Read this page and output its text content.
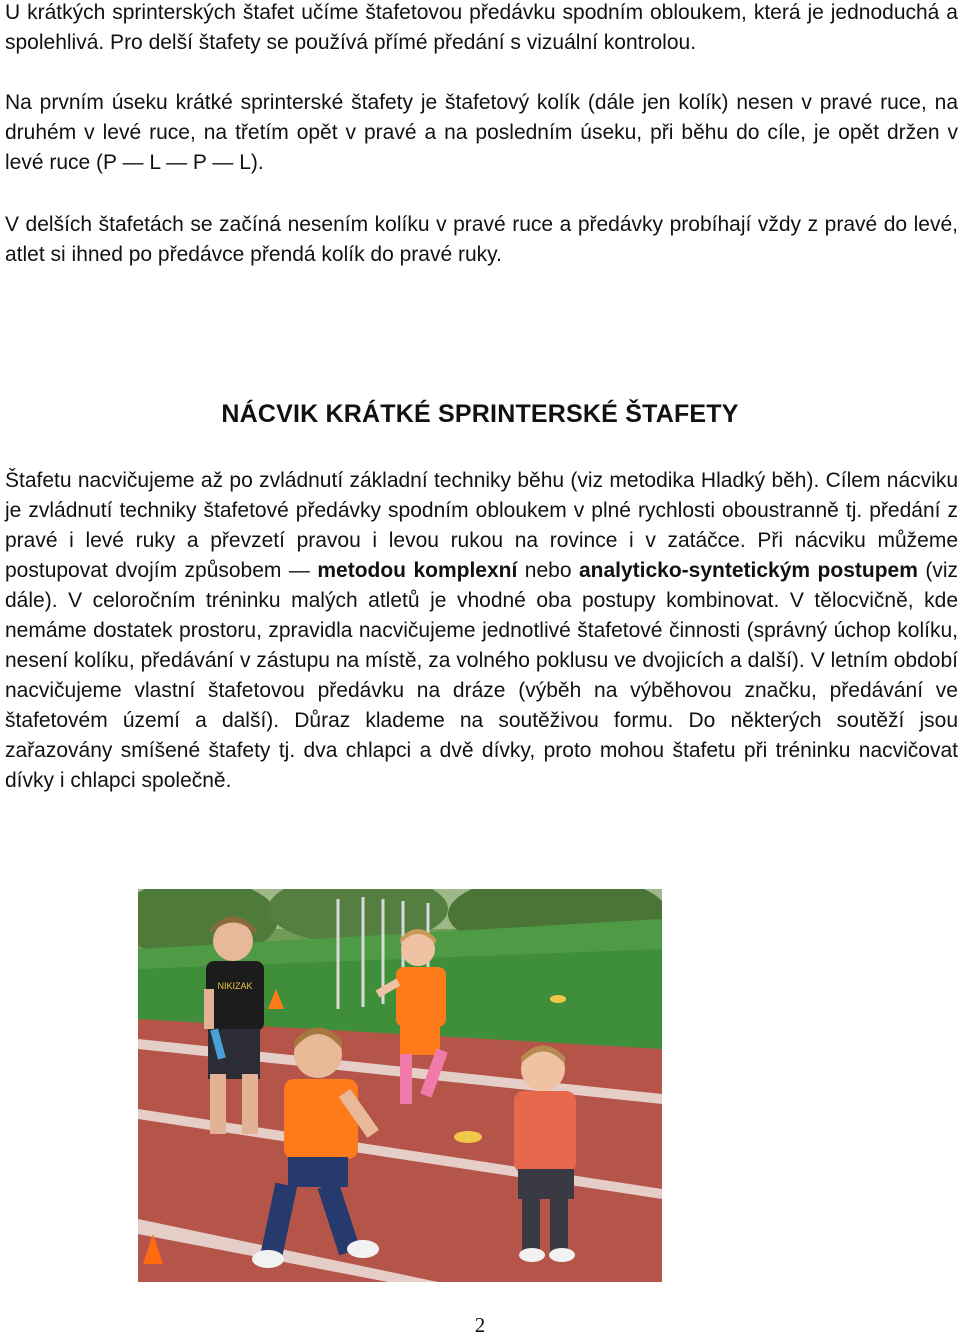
U krátkých sprinterských štafet učíme štafetovou předávku spodním obloukem, která je jednoduchá a spolehlivá. Pro delší štafety se používá přímé předání s vizuální kontrolou.

Na prvním úseku krátké sprinterské štafety je štafetový kolík (dále jen kolík) nesen v pravé ruce, na druhém v levé ruce, na třetím opět v pravé a na posledním úseku, při běhu do cíle, je opět držen v levé ruce (P — L — P — L).

V delších štafetách se začíná nesením kolíku v pravé ruce a předávky probíhají vždy z pravé do levé, atlet si ihned po předávce přendá kolík do pravé ruky.

NÁCVIK KRÁTKÉ SPRINTERSKÉ ŠTAFETY

Štafetu nacvičujeme až po zvládnutí základní techniky běhu (viz metodika Hladký běh). Cílem nácviku je zvládnutí techniky štafetové předávky spodním obloukem v plné rychlosti oboustranně tj. předání z pravé i levé ruky a převzetí pravou i levou rukou na rovince i v zatáčce. Při nácviku můžeme postupovat dvojím způsobem — metodou komplexní nebo analyticko-syntetickým postupem (viz dále). V celoročním tréninku malých atletů je vhodné oba postupy kombinovat. V tělocvičně, kde nemáme dostatek prostoru, zpravidla nacvičujeme jednotlivé štafetové činnosti (správný úchop kolíku, nesení kolíku, předávání v zástupu na místě, za volného poklusu ve dvojicích a další). V letním období nacvičujeme vlastní štafetovou předávku na dráze (výběh na výběhovou značku, předávání ve štafetovém území a další). Důraz klademe na soutěživou formu. Do některých soutěží jsou zařazovány smíšené štafety tj. dva chlapci a dvě dívky, proto mohou štafetu při tréninku nacvičovat dívky i chlapci společně.

NIKIZAK
2
